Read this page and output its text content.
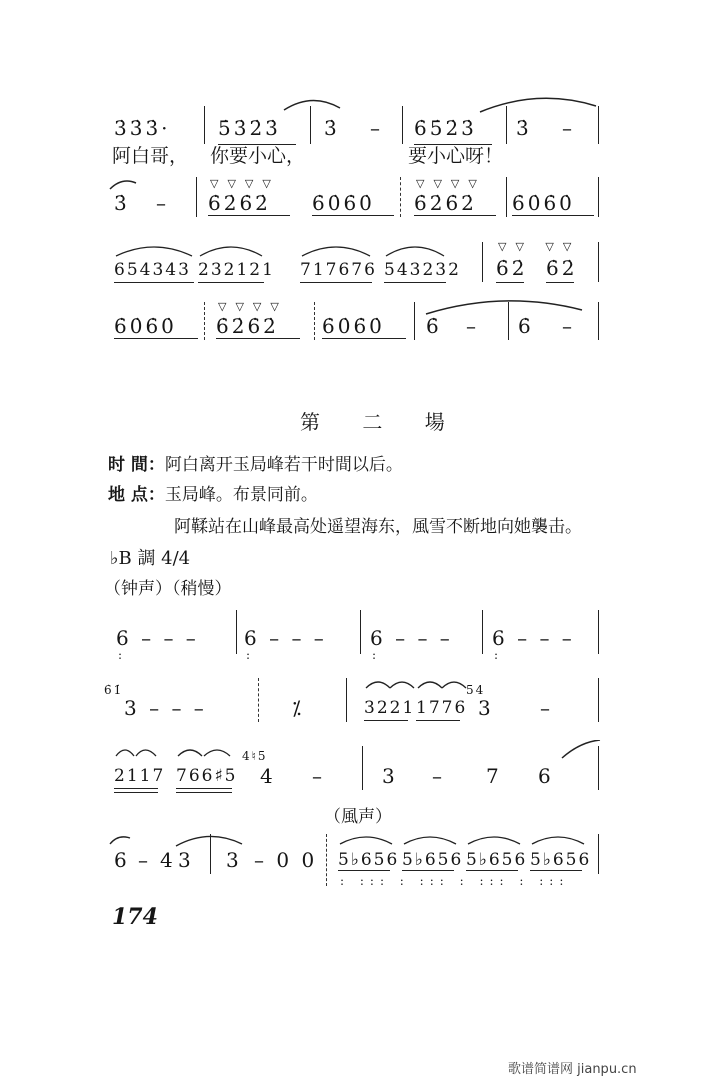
3̇3̇3̇· 5̇3̇2̇3̇ 3̇ – 6̇5̇2̇3̇ 3̇ –
阿白哥， 你要小心，	要小心呀！
3̇ –
▽▽▽▽
6̇2̇6̇2̇ 6̇0̇6̇0̇
▽▽▽▽
6̇2̇6̇2̇ 6̇0̇6̇0̇
654343 232121 717676 543232
▽▽ ▽▽
6̇2̇ 6̇2̇
6̇0̇6̇0̇
▽▽▽▽
6̇2̇6̇2̇ 6̇0̇6̇0̇ 6̇ – 6̇ –
第 二 場
时 間：阿白离开玉局峰若干时間以后。
地 点：玉局峰。布景同前。
阿鞣站在山峰最高处遥望海东，風雪不断地向她襲击。
♭B 調 4/4
（钟声）（稍慢）
6 – – – 6 – – – 6 – – – 6 – – –
:	:	:	:
6̇1̇
3 – – –	⁒	3221 1776
54
3 –
2117 766♯5
4♮5
4 –	3 – 7 6
（風声）
6 – 4 3 3 – 0 0 5♭656 5♭656 5♭656 5♭656
: ::: : ::: : ::: : :::
174
歌谱简谱网 jianpu.cn
